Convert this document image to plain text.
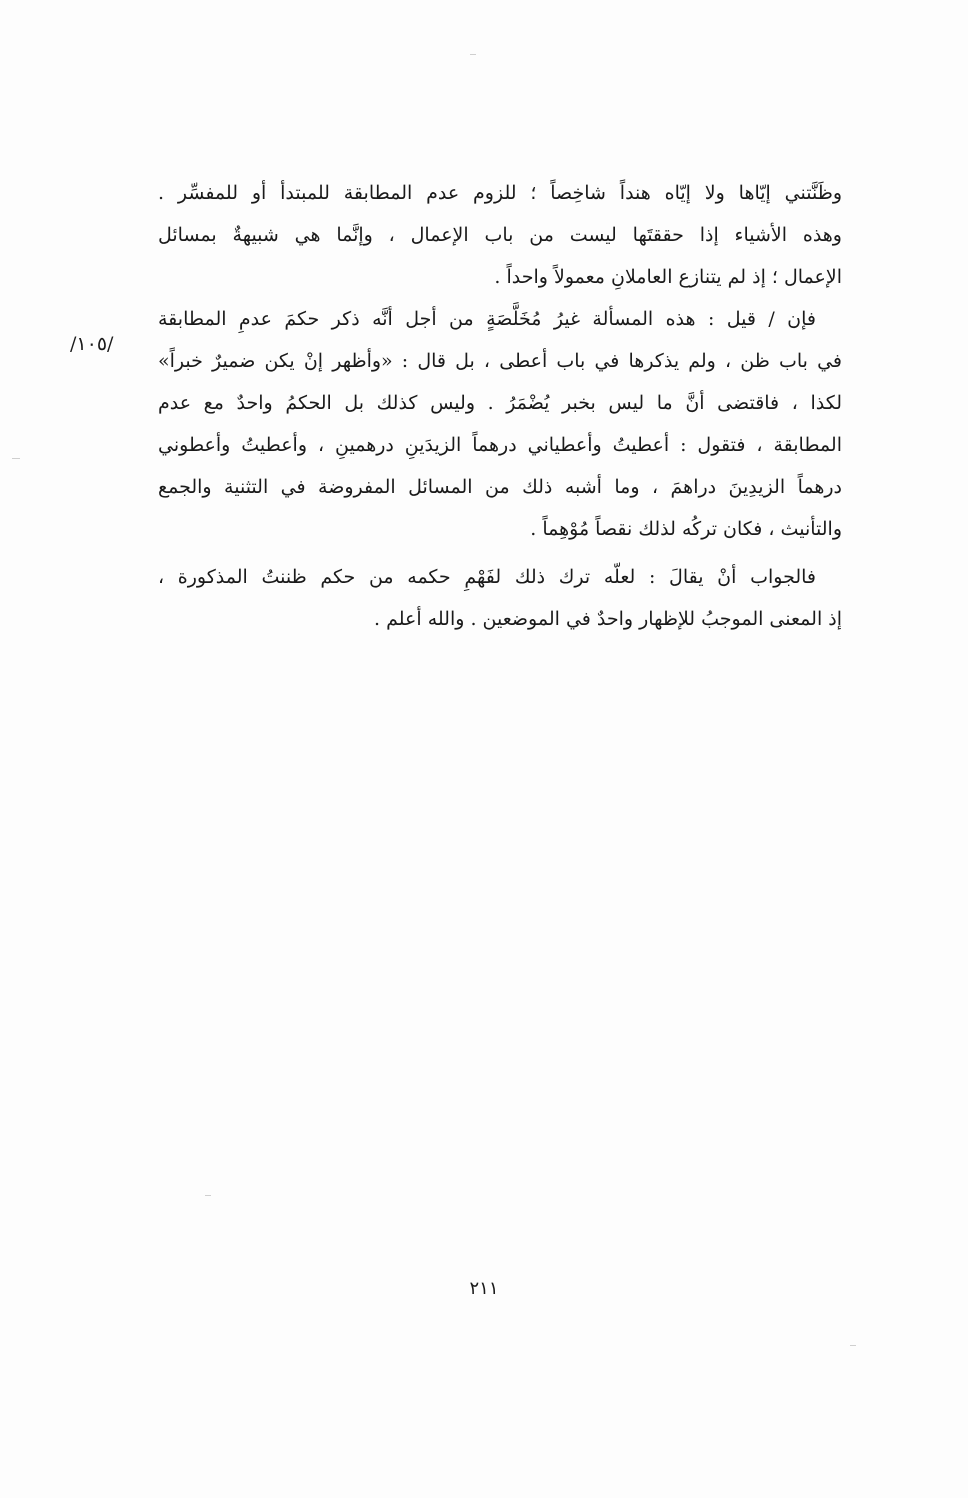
/١٠٥/
وظَنَّتني إيّاها ولا إيّاه هنداً شاخِصاً ؛ للزوم عدم المطابقة للمبتدأ أو للمفسِّر .
وهذه الأشياء إذا حققتَها ليست من باب الإعمال ، وإنَّما هي شبيهةٌ بمسائل
الإعمال ؛ إذ لم يتنازع العاملانِ معمولاً واحداً .
فإن / قيل : هذه المسألة غيرُ مُخَلَّصَةٍ من أجل أنَّه ذكر حكمَ عدمِ المطابقة
في باب ظن ، ولم يذكرها في باب أعطى ، بل قال : «وأظهر إنْ يكن ضميرٌ خبراً»
لكذا ، فاقتضى أنَّ ما ليس بخبر يُضْمَرُ . وليس كذلك بل الحكمُ واحدٌ مع عدم
المطابقة ، فتقول : أعطيتُ وأعطياني درهماً الزيدَينِ درهمينِ ، وأعطيتُ وأعطوني
درهماً الزيدِينَ دراهمَ ، وما أشبه ذلك من المسائل المفروضة في التثنية والجمع
والتأنيث ، فكان تركُه لذلك نقصاً مُوْهِماً .
فالجواب أنْ يقالَ : لعلّه ترك ذلك لفَهْمِ حكمه من حكم ظننتُ المذكورة ،
إذ المعنى الموجبُ للإظهار واحدٌ في الموضعين . والله أعلم .
٢١١
